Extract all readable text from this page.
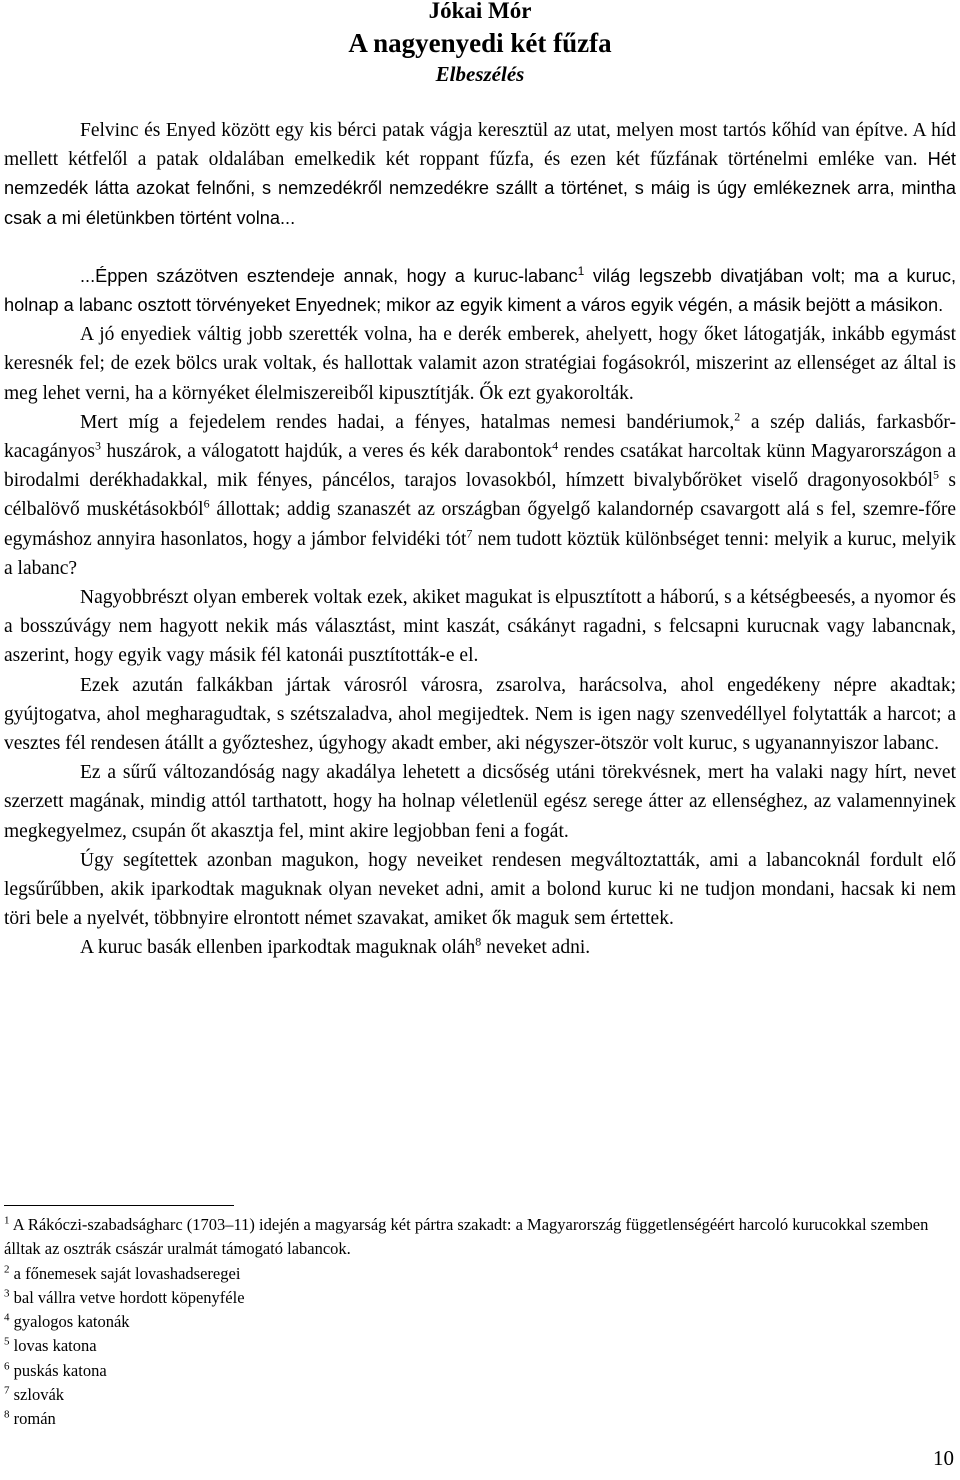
Jókai Mór
A nagyenyedi két fűzfa
Elbeszélés

Felvinc és Enyed között egy kis bérci patak vágja keresztül az utat, melyen most tartós kőhíd van építve. A híd mellett kétfelől a patak oldalában emelkedik két roppant fűzfa, és ezen két fűzfának történelmi emléke van. Hét nemzedék látta azokat felnőni, s nemzedékről nemzedékre szállt a történet, s máig is úgy emlékeznek arra, mintha csak a mi életünkben történt volna...

...Éppen százötven esztendeje annak, hogy a kuruc-labanc$^1$ világ legszebb divatjában volt; ma a kuruc, holnap a labanc osztott törvényeket Enyednek; mikor az egyik kiment a város egyik végén, a másik bejött a másikon.

A jó enyediek váltig jobb szerették volna, ha e derék emberek, ahelyett, hogy őket látogatják, inkább egymást keresnék fel; de ezek bölcs urak voltak, és hallottak valamit azon stratégiai fogásokról, miszerint az ellenséget az által is meg lehet verni, ha a környéket élelmiszereiből kipusztítják. Ők ezt gyakorolták.

Mert míg a fejedelem rendes hadai, a fényes, hatalmas nemesi bandériumok,$^2$ a szép daliás, farkasbőr-kacagányos$^3$ huszárok, a válogatott hajdúk, a veres és kék darabontok$^4$ rendes csatákat harcoltak künn Magyarországon a birodalmi derékhadakkal, mik fényes, páncélos, tarajos lovasokból, hímzett bivalybőröket viselő dragonyosokból$^5$ s célbalövő muskétásokból$^6$ állottak; addig szanaszét az országban őgyelgő kalandornép csavargott alá s fel, szemre-főre egymáshoz annyira hasonlatos, hogy a jámbor felvidéki tót$^7$ nem tudott köztük különbséget tenni: melyik a kuruc, melyik a labanc?

Nagyobbrészt olyan emberek voltak ezek, akiket magukat is elpusztított a háború, s a kétségbeesés, a nyomor és a bosszúvágy nem hagyott nekik más választást, mint kaszát, csákányt ragadni, s felcsapni kurucnak vagy labancnak, aszerint, hogy egyik vagy másik fél katonái pusztították-e el.

Ezek azután falkákban jártak városról városra, zsarolva, harácsolva, ahol engedékeny népre akadtak; gyújtogatva, ahol megharagudtak, s szétszaladva, ahol megijedtek. Nem is igen nagy szenvedéllyel folytatták a harcot; a vesztes fél rendesen átállt a győzteshez, úgyhogy akadt ember, aki négyszer-ötször volt kuruc, s ugyanannyiszor labanc.

Ez a sűrű változandóság nagy akadálya lehetett a dicsőség utáni törekvésnek, mert ha valaki nagy hírt, nevet szerzett magának, mindig attól tarthatott, hogy ha holnap véletlenül egész serege átter az ellenséghez, az valamennyinek megkegyelmez, csupán őt akasztja fel, mint akire legjobban feni a fogát.

Úgy segítettek azonban magukon, hogy neveiket rendesen megváltoztatták, ami a labancoknál fordult elő legsűrűbben, akik iparkodtak maguknak olyan neveket adni, amit a bolond kuruc ki ne tudjon mondani, hacsak ki nem töri bele a nyelvét, többnyire elrontott német szavakat, amiket ők maguk sem értettek.

A kuruc basák ellenben iparkodtak maguknak oláh$^8$ neveket adni.

$^1$ A Rákóczi-szabadságharc (1703–11) idején a magyarság két pártra szakadt: a Magyarország függetlenségéért harcoló kurucokkal szemben álltak az osztrák császár uralmát támogató labancok.

$^2$ a főnemesek saját lovashadseregei

$^3$ bal vállra vetve hordott köpenyféle

$^4$ gyalogos katonák

$^5$ lovas katona

$^6$ puskás katona

$^7$ szlovák

$^8$ román

10
